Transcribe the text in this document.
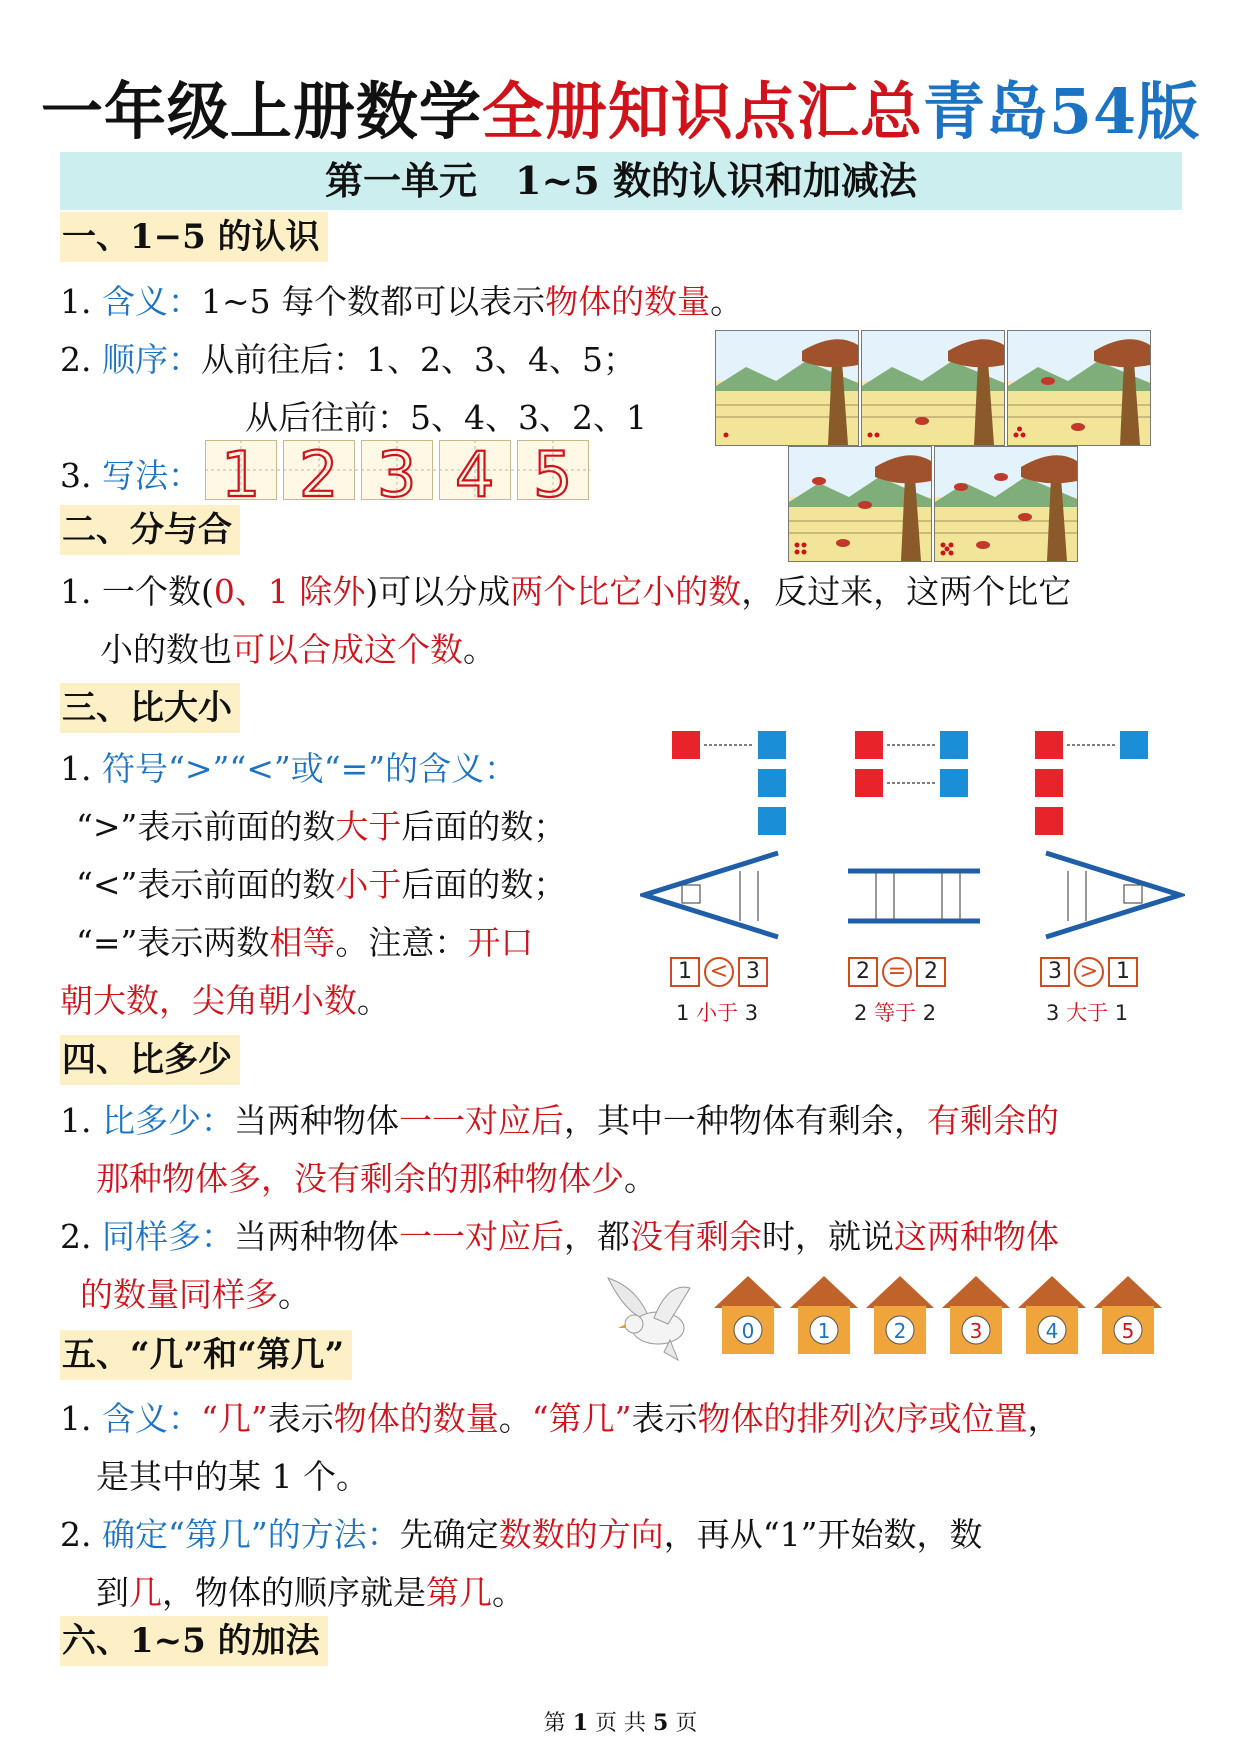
一年级上册数学全册知识点汇总青岛54版
第一单元　1~5 数的认识和加减法
一、1−5 的认识
1. 含义：1~5 每个数都可以表示物体的数量。
2. 顺序：从前往后：1、2、3、4、5；
从后往前：5、4、3、2、1
3. 写法： 1 2 3 4 5
二、分与合
1. 一个数(0、1 除外)可以分成两个比它小的数，反过来，这两个比它
小的数也可以合成这个数。
三、比大小
1. 符号“>”“<”或“=”的含义：
“>”表示前面的数大于后面的数；
“<”表示前面的数小于后面的数；
“=”表示两数相等。注意：开口
朝大数，尖角朝小数。
1 < 3	2 = 2	3 > 1
1 小于 3	2 等于 2	3 大于 1
四、比多少
1. 比多少：当两种物体一一对应后，其中一种物体有剩余，有剩余的
那种物体多，没有剩余的那种物体少。
2. 同样多：当两种物体一一对应后，都没有剩余时，就说这两种物体
的数量同样多。
0	1	2	3	4	5
五、“几”和“第几”
1. 含义：“几”表示物体的数量。“第几”表示物体的排列次序或位置，
是其中的某 1 个。
2. 确定“第几”的方法：先确定数数的方向，再从“1”开始数，数
到几，物体的顺序就是第几。
六、1~5 的加法
第 1 页 共 5 页
